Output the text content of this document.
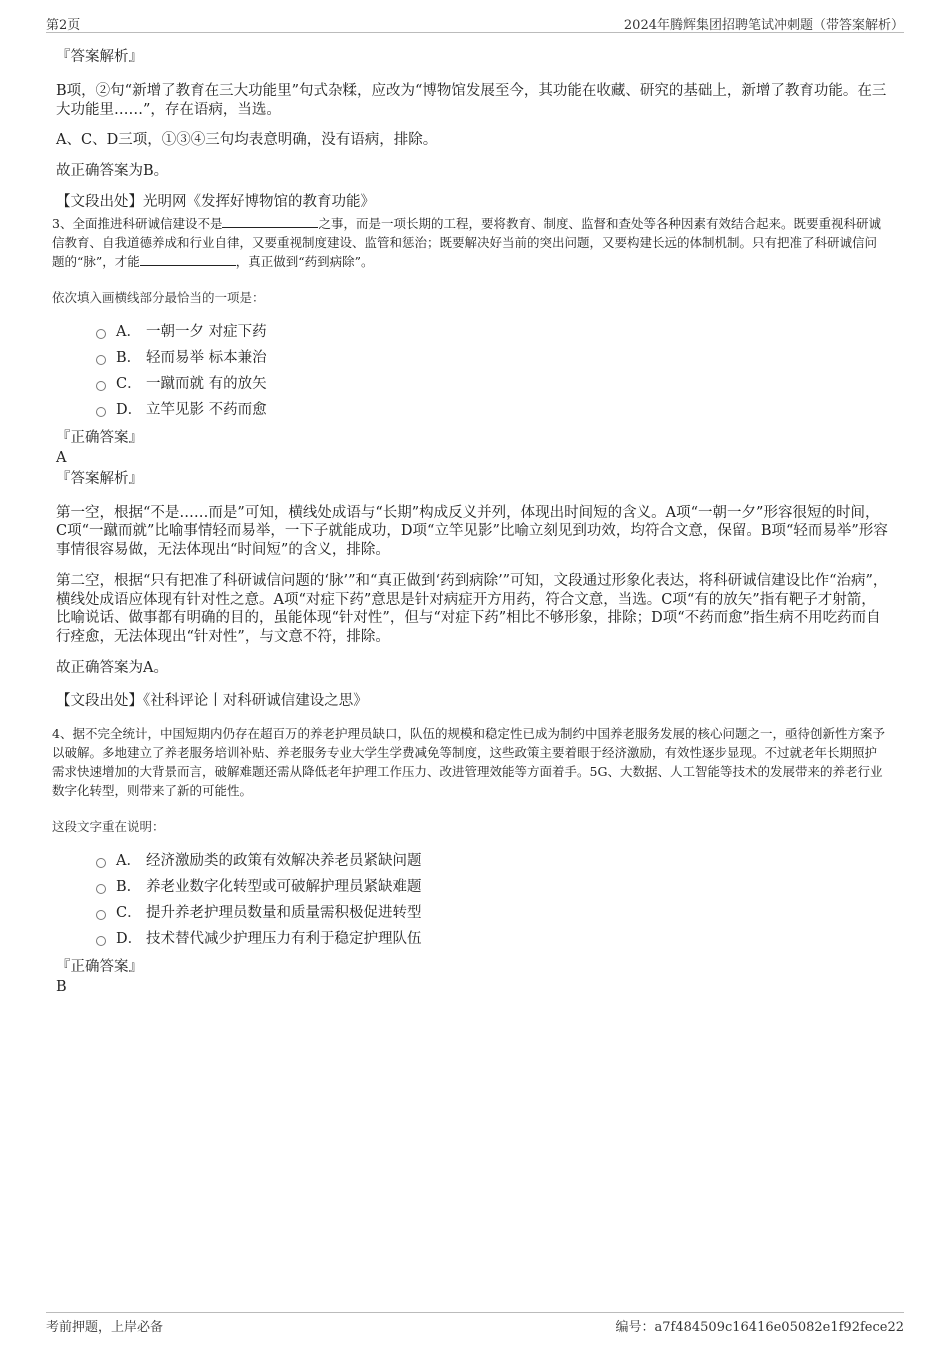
第2页	2024年腾辉集团招聘笔试冲刺题（带答案解析）
『答案解析』
B项，②句“新增了教育在三大功能里”句式杂糅，应改为“博物馆发展至今，其功能在收藏、研究的基础上，新增了教育功能。在三大功能里……”，存在语病，当选。
A、C、D三项，①③④三句均表意明确，没有语病，排除。
故正确答案为B。
【文段出处】光明网《发挥好博物馆的教育功能》
3、全面推进科研诚信建设不是	之事，而是一项长期的工程，要将教育、制度、监督和查处等各种因素有效结合起来。既要重视科研诚信教育、自我道德养成和行业自律，又要重视制度建设、监管和惩治；既要解决好当前的突出问题，又要构建长远的体制机制。只有把准了科研诚信问题的“脉”，才能	，真正做到“药到病除”。
依次填入画横线部分最恰当的一项是：
A． 一朝一夕 对症下药
B． 轻而易举 标本兼治
C． 一蹴而就 有的放矢
D． 立竿见影 不药而愈
『正确答案』
A
『答案解析』
第一空，根据“不是……而是”可知，横线处成语与“长期”构成反义并列，体现出时间短的含义。A项“一朝一夕”形容很短的时间，C项“一蹴而就”比喻事情轻而易举，一下子就能成功，D项“立竿见影”比喻立刻见到功效，均符合文意，保留。B项“轻而易举”形容事情很容易做，无法体现出“时间短”的含义，排除。
第二空，根据“只有把准了科研诚信问题的‘脉’”和“真正做到‘药到病除’”可知，文段通过形象化表达，将科研诚信建设比作“治病”，横线处成语应体现有针对性之意。A项“对症下药”意思是针对病症开方用药，符合文意，当选。C项“有的放矢”指有靶子才射箭，比喻说话、做事都有明确的目的，虽能体现“针对性”，但与“对症下药”相比不够形象，排除；D项“不药而愈”指生病不用吃药而自行痊愈，无法体现出“针对性”，与文意不符，排除。
故正确答案为A。
【文段出处】《社科评论丨对科研诚信建设之思》
4、据不完全统计，中国短期内仍存在超百万的养老护理员缺口，队伍的规模和稳定性已成为制约中国养老服务发展的核心问题之一，亟待创新性方案予以破解。多地建立了养老服务培训补贴、养老服务专业大学生学费减免等制度，这些政策主要着眼于经济激励，有效性逐步显现。不过就老年长期照护需求快速增加的大背景而言，破解难题还需从降低老年护理工作压力、改进管理效能等方面着手。5G、大数据、人工智能等技术的发展带来的养老行业数字化转型，则带来了新的可能性。
这段文字重在说明：
A． 经济激励类的政策有效解决养老员紧缺问题
B． 养老业数字化转型或可破解护理员紧缺难题
C． 提升养老护理员数量和质量需积极促进转型
D． 技术替代减少护理压力有利于稳定护理队伍
『正确答案』
B
考前押题，上岸必备	编号：a7f484509c16416e05082e1f92fece22
